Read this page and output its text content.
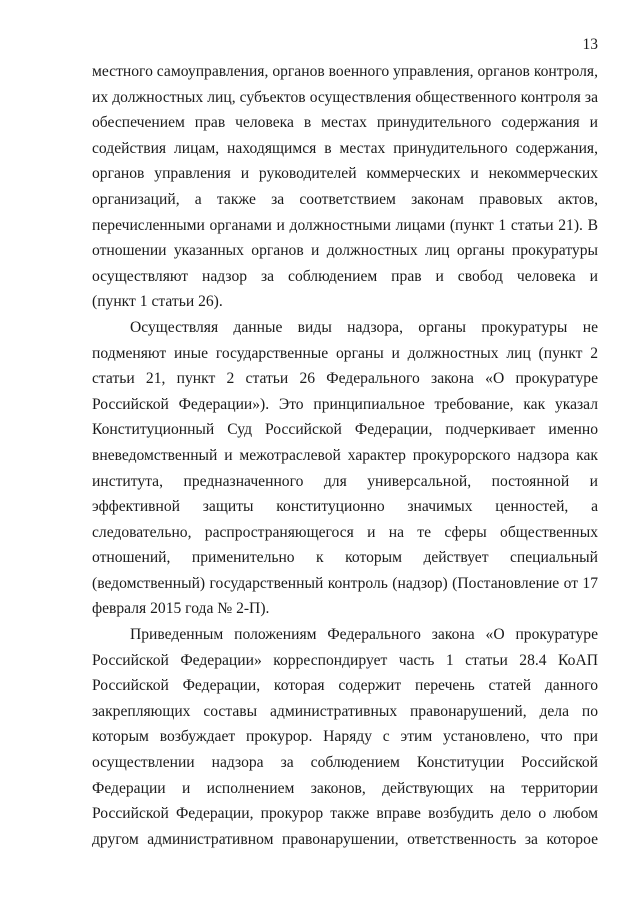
13
местного самоуправления, органов военного управления, органов контроля,
их должностных лиц, субъектов осуществления общественного контроля за
обеспечением прав человека в местах принудительного содержания и
содействия лицам, находящимся в местах принудительного содержания,
органов управления и руководителей коммерческих и некоммерческих
организаций, а также за соответствием законам правовых актов,
перечисленными органами и должностными лицами (пункт 1 статьи 21). В
отношении указанных органов и должностных лиц органы прокуратуры
осуществляют надзор за соблюдением прав и свобод человека и
(пункт 1 статьи 26).
Осуществляя данные виды надзора, органы прокуратуры не
подменяют иные государственные органы и должностных лиц (пункт 2
статьи 21, пункт 2 статьи 26 Федерального закона «О прокуратуре
Российской Федерации»). Это принципиальное требование, как указал
Конституционный Суд Российской Федерации, подчеркивает именно
вневедомственный и межотраслевой характер прокурорского надзора как
института, предназначенного для универсальной, постоянной и
эффективной защиты конституционно значимых ценностей, а
следовательно, распространяющегося и на те сферы общественных
отношений, применительно к которым действует специальный
(ведомственный) государственный контроль (надзор) (Постановление от 17
февраля 2015 года № 2-П).
Приведенным положениям Федерального закона «О прокуратуре
Российской Федерации» корреспондирует часть 1 статьи 28.4 КоАП
Российской Федерации, которая содержит перечень статей данного
закрепляющих составы административных правонарушений, дела по
которым возбуждает прокурор. Наряду с этим установлено, что при
осуществлении надзора за соблюдением Конституции Российской
Федерации и исполнением законов, действующих на территории
Российской Федерации, прокурор также вправе возбудить дело о любом
другом административном правонарушении, ответственность за которое
